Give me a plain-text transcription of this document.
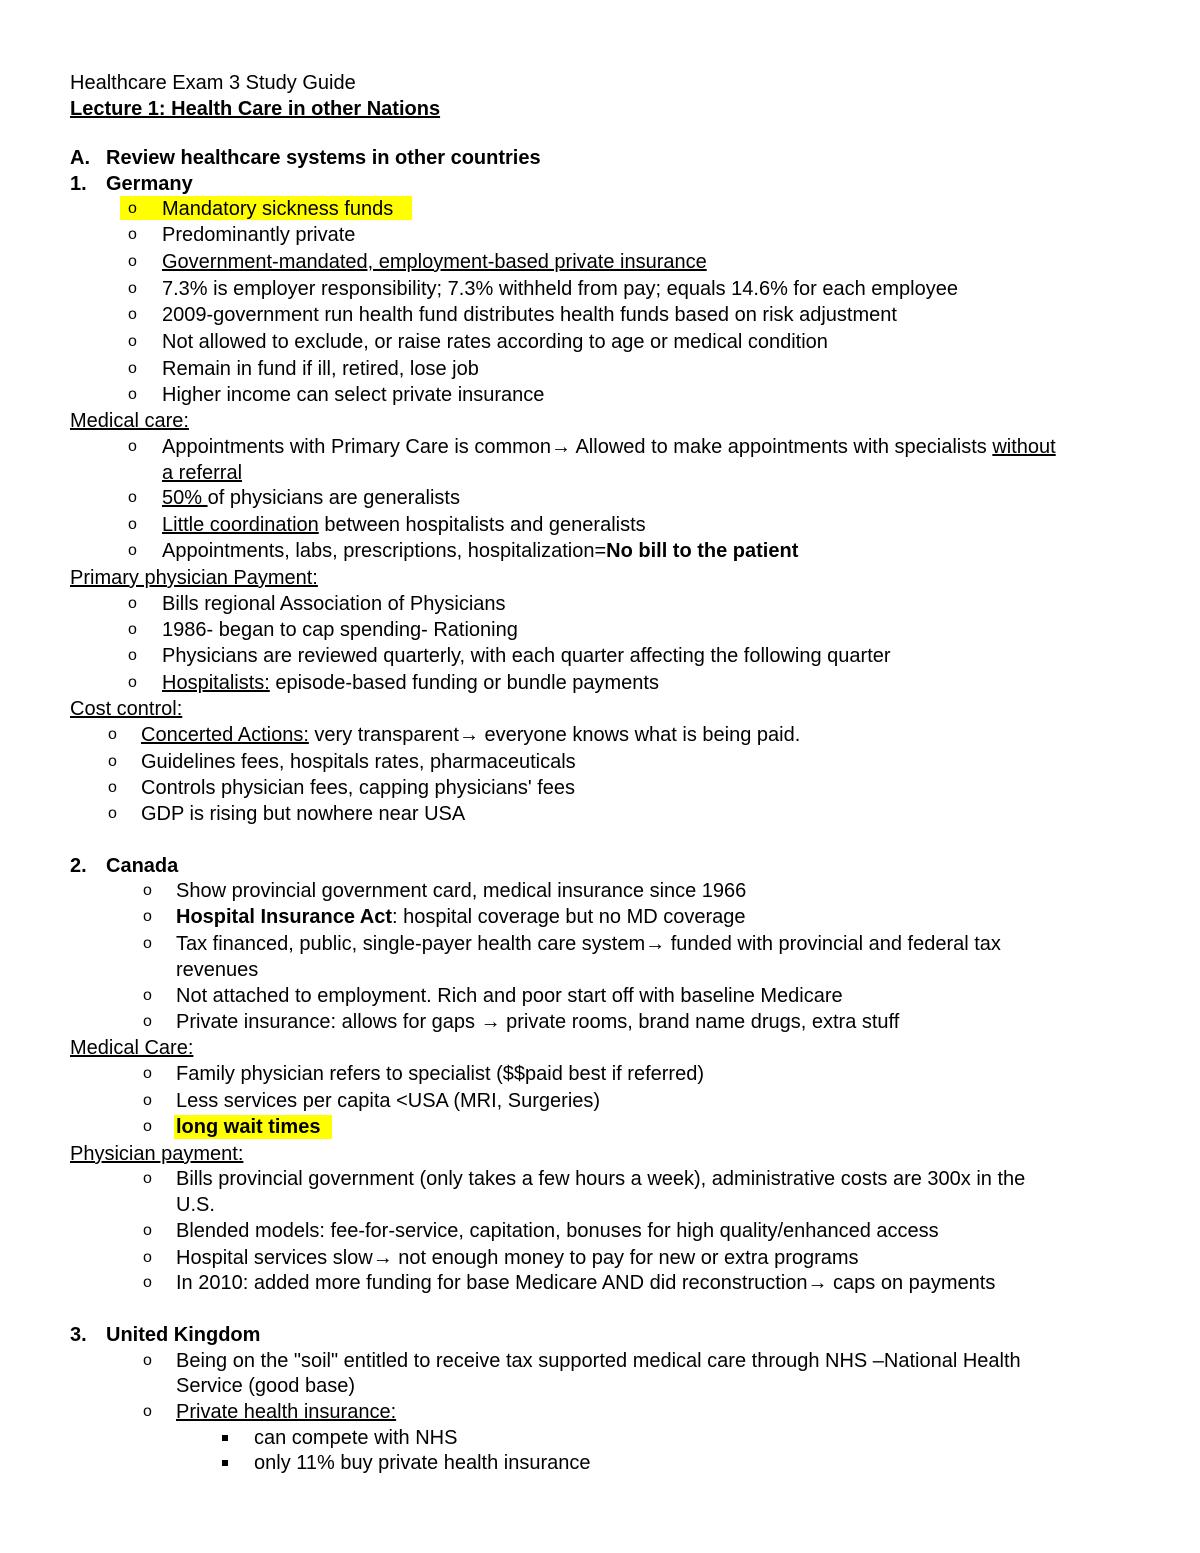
Healthcare Exam 3 Study Guide
Lecture 1: Health Care in other Nations
A. Review healthcare systems in other countries
1. Germany
o Mandatory sickness funds
o Predominantly private
o Government-mandated, employment-based private insurance
o 7.3% is employer responsibility; 7.3% withheld from pay; equals 14.6% for each employee
o 2009-government run health fund distributes health funds based on risk adjustment
o Not allowed to exclude, or raise rates according to age or medical condition
o Remain in fund if ill, retired, lose job
o Higher income can select private insurance
Medical care:
o Appointments with Primary Care is common→ Allowed to make appointments with specialists without
a referral
o 50% of physicians are generalists
o Little coordination between hospitalists and generalists
o Appointments, labs, prescriptions, hospitalization=No bill to the patient
Primary physician Payment:
o Bills regional Association of Physicians
o 1986- began to cap spending- Rationing
o Physicians are reviewed quarterly, with each quarter affecting the following quarter
o Hospitalists: episode-based funding or bundle payments
Cost control:
o Concerted Actions: very transparent→ everyone knows what is being paid.
o Guidelines fees, hospitals rates, pharmaceuticals
o Controls physician fees, capping physicians' fees
o GDP is rising but nowhere near USA
2. Canada
o Show provincial government card, medical insurance since 1966
o Hospital Insurance Act: hospital coverage but no MD coverage
o Tax financed, public, single-payer health care system→ funded with provincial and federal tax
revenues
o Not attached to employment. Rich and poor start off with baseline Medicare
o Private insurance: allows for gaps → private rooms, brand name drugs, extra stuff
Medical Care:
o Family physician refers to specialist ($$paid best if referred)
o Less services per capita <USA (MRI, Surgeries)
o long wait times
Physician payment:
o Bills provincial government (only takes a few hours a week), administrative costs are 300x in the
U.S.
o Blended models: fee-for-service, capitation, bonuses for high quality/enhanced access
o Hospital services slow→ not enough money to pay for new or extra programs
o In 2010: added more funding for base Medicare AND did reconstruction→ caps on payments
3. United Kingdom
o Being on the "soil" entitled to receive tax supported medical care through NHS –National Health
Service (good base)
o Private health insurance:
can compete with NHS
only 11% buy private health insurance
